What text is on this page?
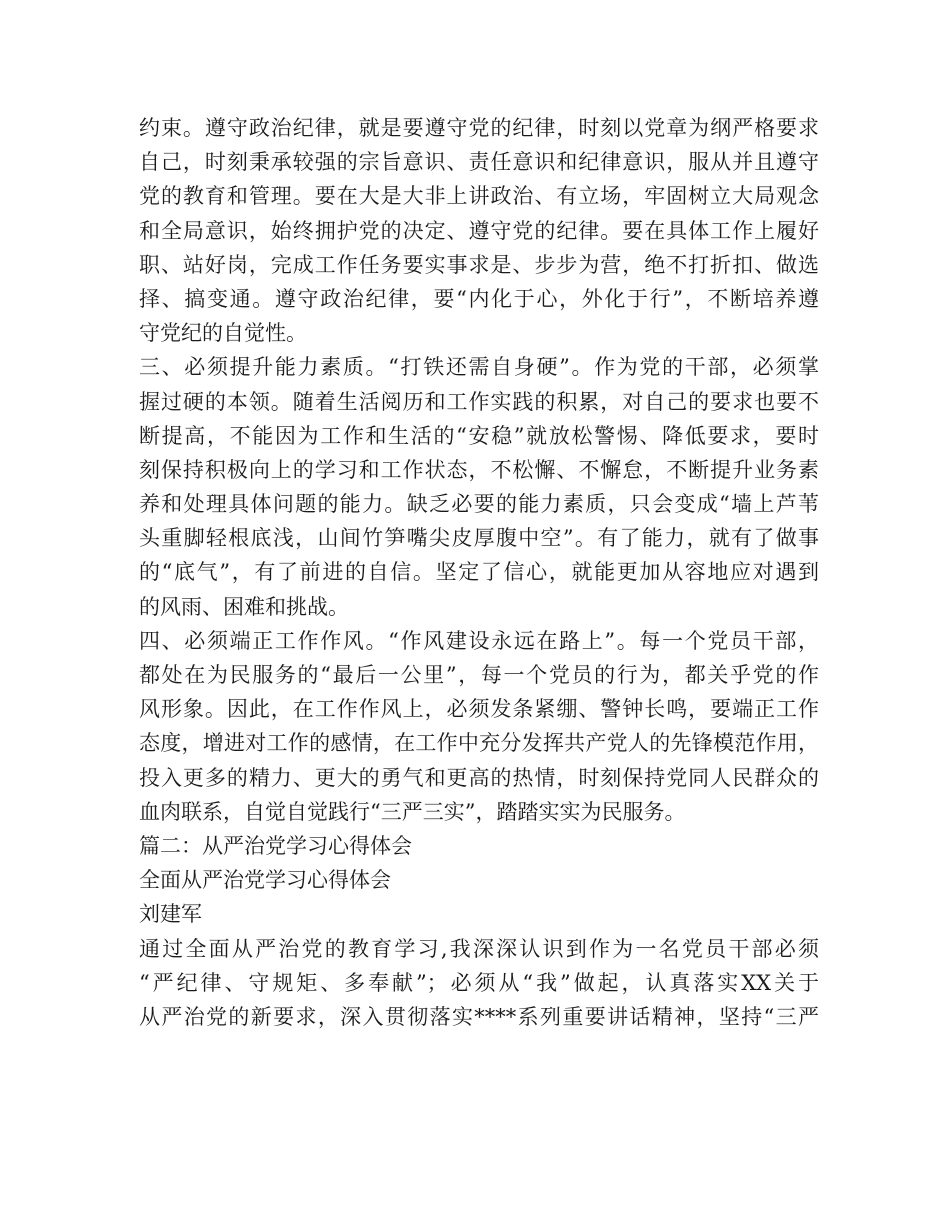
约束。遵守政治纪律，就是要遵守党的纪律，时刻以党章为纲严格要求
自己，时刻秉承较强的宗旨意识、责任意识和纪律意识，服从并且遵守
党的教育和管理。要在大是大非上讲政治、有立场，牢固树立大局观念
和全局意识，始终拥护党的决定、遵守党的纪律。要在具体工作上履好
职、站好岗，完成工作任务要实事求是、步步为营，绝不打折扣、做选
择、搞变通。遵守政治纪律，要“内化于心，外化于行”，不断培养遵
守党纪的自觉性。
三、必须提升能力素质。“打铁还需自身硬”。作为党的干部，必须掌
握过硬的本领。随着生活阅历和工作实践的积累，对自己的要求也要不
断提高，不能因为工作和生活的“安稳”就放松警惕、降低要求，要时
刻保持积极向上的学习和工作状态，不松懈、不懈怠，不断提升业务素
养和处理具体问题的能力。缺乏必要的能力素质，只会变成“墙上芦苇
头重脚轻根底浅，山间竹笋嘴尖皮厚腹中空”。有了能力，就有了做事
的“底气”，有了前进的自信。坚定了信心，就能更加从容地应对遇到
的风雨、困难和挑战。
四、必须端正工作作风。“作风建设永远在路上”。每一个党员干部，
都处在为民服务的“最后一公里”，每一个党员的行为，都关乎党的作
风形象。因此，在工作作风上，必须发条紧绷、警钟长鸣，要端正工作
态度，增进对工作的感情，在工作中充分发挥共产党人的先锋模范作用，
投入更多的精力、更大的勇气和更高的热情，时刻保持党同人民群众的
血肉联系，自觉自觉践行“三严三实”，踏踏实实为民服务。
篇二：从严治党学习心得体会
全面从严治党学习心得体会
刘建军
通过全面从严治党的教育学习,我深深认识到作为一名党员干部必须
“严纪律、守规矩、多奉献”；必须从“我”做起，认真落实XX关于
从严治党的新要求，深入贯彻落实****系列重要讲话精神，坚持“三严
